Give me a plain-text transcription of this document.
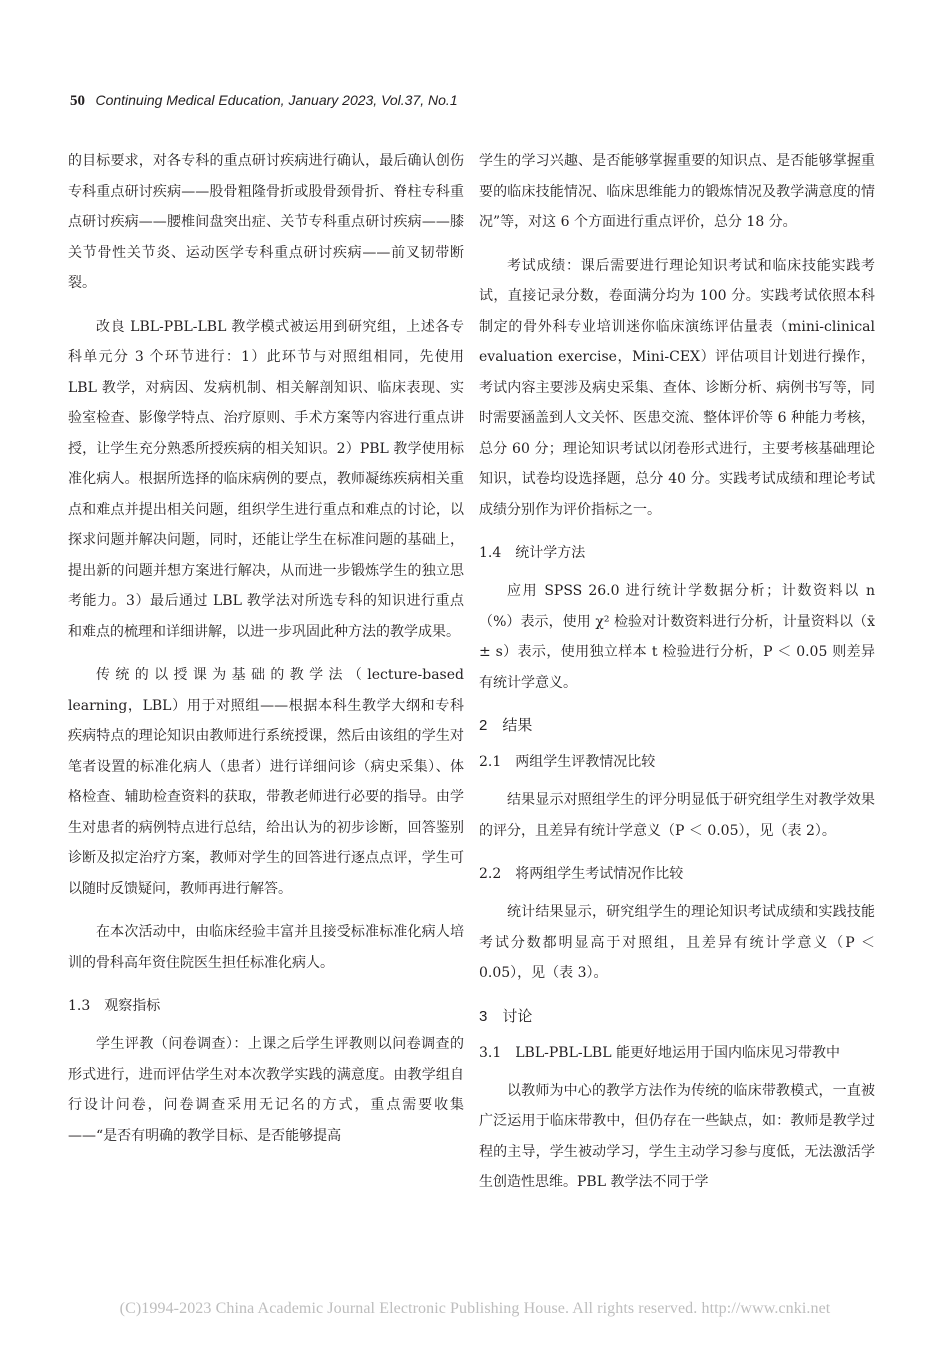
50 Continuing Medical Education, January 2023, Vol.37, No.1

的目标要求，对各专科的重点研讨疾病进行确认，最后确认创伤专科重点研讨疾病——股骨粗隆骨折或股骨颈骨折、脊柱专科重点研讨疾病——腰椎间盘突出症、关节专科重点研讨疾病——膝关节骨性关节炎、运动医学专科重点研讨疾病——前叉韧带断裂。

改良 LBL-PBL-LBL 教学模式被运用到研究组，上述各专科单元分 3 个环节进行：1）此环节与对照组相同，先使用 LBL 教学，对病因、发病机制、相关解剖知识、临床表现、实验室检查、影像学特点、治疗原则、手术方案等内容进行重点讲授，让学生充分熟悉所授疾病的相关知识。2）PBL 教学使用标准化病人。根据所选择的临床病例的要点，教师凝练疾病相关重点和难点并提出相关问题，组织学生进行重点和难点的讨论，以探求问题并解决问题，同时，还能让学生在标准问题的基础上，提出新的问题并想方案进行解决，从而进一步锻炼学生的独立思考能力。3）最后通过 LBL 教学法对所选专科的知识进行重点和难点的梳理和详细讲解，以进一步巩固此种方法的教学成果。

传统的以授课为基础的教学法（lecture-based learning，LBL）用于对照组——根据本科生教学大纲和专科疾病特点的理论知识由教师进行系统授课，然后由该组的学生对笔者设置的标准化病人（患者）进行详细问诊（病史采集）、体格检查、辅助检查资料的获取，带教老师进行必要的指导。由学生对患者的病例特点进行总结，给出认为的初步诊断，回答鉴别诊断及拟定治疗方案，教师对学生的回答进行逐点点评，学生可以随时反馈疑问，教师再进行解答。

在本次活动中，由临床经验丰富并且接受标准标准化病人培训的骨科高年资住院医生担任标准化病人。

1.3　观察指标

学生评教（问卷调查）：上课之后学生评教则以问卷调查的形式进行，进而评估学生对本次教学实践的满意度。由教学组自行设计问卷，问卷调查采用无记名的方式，重点需要收集——“是否有明确的教学目标、是否能够提高

学生的学习兴趣、是否能够掌握重要的知识点、是否能够掌握重要的临床技能情况、临床思维能力的锻炼情况及教学满意度的情况”等，对这 6 个方面进行重点评价，总分 18 分。

考试成绩：课后需要进行理论知识考试和临床技能实践考试，直接记录分数，卷面满分均为 100 分。实践考试依照本科制定的骨外科专业培训迷你临床演练评估量表（mini-clinical evaluation exercise，Mini-CEX）评估项目计划进行操作，考试内容主要涉及病史采集、查体、诊断分析、病例书写等，同时需要涵盖到人文关怀、医患交流、整体评价等 6 种能力考核，总分 60 分；理论知识考试以闭卷形式进行，主要考核基础理论知识，试卷均设选择题，总分 40 分。实践考试成绩和理论考试成绩分别作为评价指标之一。

1.4　统计学方法

应用 SPSS 26.0 进行统计学数据分析；计数资料以 n（%）表示，使用 χ² 检验对计数资料进行分析，计量资料以（x̄ ± s）表示，使用独立样本 t 检验进行分析，P ＜ 0.05 则差异有统计学意义。

2　结果
2.1　两组学生评教情况比较

结果显示对照组学生的评分明显低于研究组学生对教学效果的评分，且差异有统计学意义（P ＜ 0.05），见（表 2）。

2.2　将两组学生考试情况作比较

统计结果显示，研究组学生的理论知识考试成绩和实践技能考试分数都明显高于对照组，且差异有统计学意义（P ＜ 0.05），见（表 3）。

3　讨论
3.1　LBL-PBL-LBL 能更好地运用于国内临床见习带教中

以教师为中心的教学方法作为传统的临床带教模式，一直被广泛运用于临床带教中，但仍存在一些缺点，如：教师是教学过程的主导，学生被动学习，学生主动学习参与度低，无法激活学生创造性思维。PBL 教学法不同于学

(C)1994-2023 China Academic Journal Electronic Publishing House. All rights reserved. http://www.cnki.net
